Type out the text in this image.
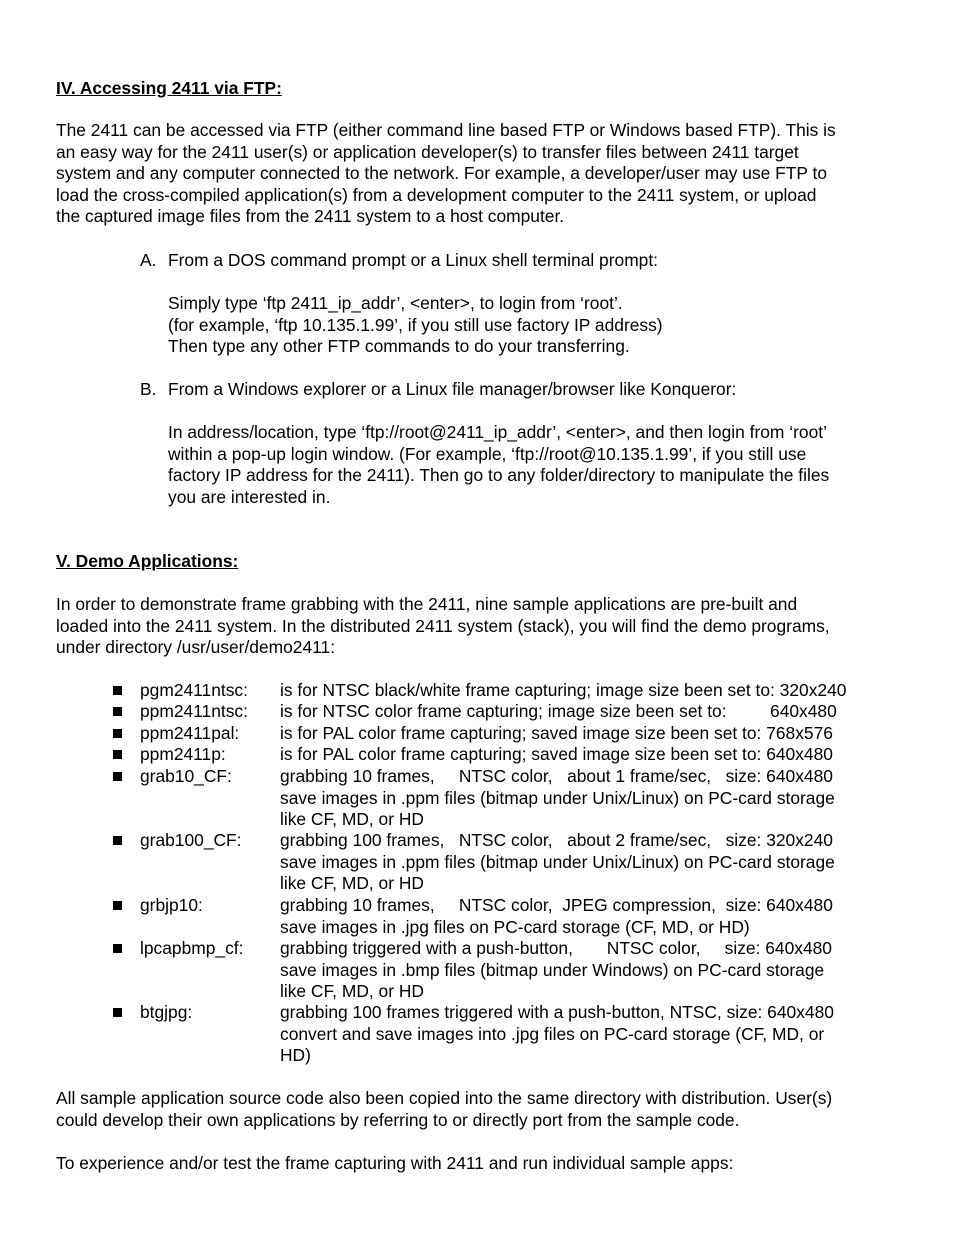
IV. Accessing 2411 via FTP:
The 2411 can be accessed via FTP (either command line based FTP or Windows based FTP). This is
an easy way for the 2411 user(s) or application developer(s) to transfer files between 2411 target
system and any computer connected to the network. For example, a developer/user may use FTP to
load the cross-compiled application(s) from a development computer to the 2411 system, or upload
the captured image files from the 2411 system to a host computer.
A. From a DOS command prompt or a Linux shell terminal prompt:
Simply type ‘ftp 2411_ip_addr’, <enter>, to login from ‘root’.
(for example, ‘ftp 10.135.1.99’, if you still use factory IP address)
Then type any other FTP commands to do your transferring.
B. From a Windows explorer or a Linux file manager/browser like Konqueror:
In address/location, type ‘ftp://root@2411_ip_addr’, <enter>, and then login from ‘root’
within a pop-up login window. (For example, ‘ftp://root@10.135.1.99’, if you still use
factory IP address for the 2411). Then go to any folder/directory to manipulate the files
you are interested in.
V. Demo Applications:
In order to demonstrate frame grabbing with the 2411, nine sample applications are pre-built and
loaded into the 2411 system. In the distributed 2411 system (stack), you will find the demo programs,
under directory /usr/user/demo2411:
pgm2411ntsc: is for NTSC black/white frame capturing; image size been set to: 320x240
ppm2411ntsc: is for NTSC color frame capturing; image size been set to:         640x480
ppm2411pal: is for PAL color frame capturing; saved image size been set to: 768x576
ppm2411p:	is for PAL color frame capturing; saved image size been set to: 640x480
grab10_CF:	grabbing 10 frames,     NTSC color,   about 1 frame/sec,   size: 640x480
save images in .ppm files (bitmap under Unix/Linux) on PC-card storage
like CF, MD, or HD
grab100_CF: grabbing 100 frames,   NTSC color,   about 2 frame/sec,   size: 320x240
save images in .ppm files (bitmap under Unix/Linux) on PC-card storage
like CF, MD, or HD
grbjp10:	grabbing 10 frames,     NTSC color,  JPEG compression,  size: 640x480
save images in .jpg files on PC-card storage (CF, MD, or HD)
lpcapbmp_cf: grabbing triggered with a push-button,       NTSC color,     size: 640x480
save images in .bmp files (bitmap under Windows) on PC-card storage
like CF, MD, or HD
btgjpg:	grabbing 100 frames triggered with a push-button, NTSC, size: 640x480
convert and save images into .jpg files on PC-card storage (CF, MD, or
HD)
All sample application source code also been copied into the same directory with distribution. User(s)
could develop their own applications by referring to or directly port from the sample code.
To experience and/or test the frame capturing with 2411 and run individual sample apps:
